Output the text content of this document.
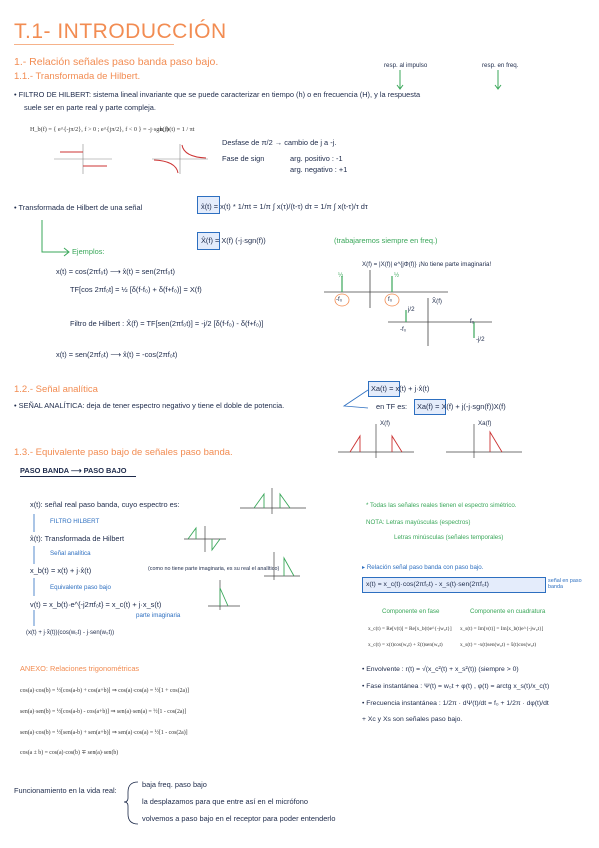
T.1- INTRODUCCIÓN
1.- Relación señales paso banda paso bajo.
1.1.- Transformada de Hilbert.
resp. al impulso	resp. en freq.
• FILTRO DE HILBERT: sistema lineal invariante que se puede caracterizar en tiempo (h) o en frecuencia (H), y la respuesta
suele ser en parte real y parte compleja.
H_b(f) = { e^{-jπ/2}, f > 0 ; e^{jπ/2}, f < 0 } = -j·sgn(f)
h_b(t) = 1 / πt
Desfase de π/2 → cambio de j a -j.
Fase de sign	arg. positivo : -1
arg. negativo : +1
• Transformada de Hilbert de una señal	x̂(t) = x(t) * 1/πt = 1/π ∫ x(τ)/(t-τ) dτ = 1/π ∫ x(t-τ)/τ dτ
X̂(f) = X(f) (-j·sgn(f))	(trabajaremos siempre en freq.)
Ejemplos:
x(t) = cos(2πf₀t) ⟶ x̂(t) = sen(2πf₀t)
TF[cos 2πf₀t] = ½ [δ(f-f₀) + δ(f+f₀)] = X(f)
Filtro de Hilbert : X̂(f) = TF[sen(2πf₀t)] = -j/2 [δ(f-f₀) - δ(f+f₀)]
x(t) = sen(2πf₀t) ⟶ x̂(t) = -cos(2πf₀t)
X(f) = |X(f)| e^{jΦ(f)} ¡No tiene parte imaginaria!
½	½
-f₀	f₀	X̂(f)
j/2
-j/2
-f₀
f₀
1.2.- Señal analítica
• SEÑAL ANALÍTICA: deja de tener espectro negativo y tiene el doble de potencia.
Xa(t) = x(t) + j·x̂(t)
en TF es: Xa(f) = X(f) + j(-j·sgn(f))X(f)
X(f)	Xa(f)
1.3.- Equivalente paso bajo de señales paso banda.
PASO BANDA ⟶ PASO BAJO
x(t): señal real paso banda, cuyo espectro es:
FILTRO HILBERT
x̂(t): Transformada de Hilbert
Señal analítica
x_b(t) = x(t) + j·x̂(t)	(como no tiene parte imaginaria, es su real el analítico)
Equivalente paso bajo
v(t) = x_b(t)·e^{-j2πf₀t} = x_c(t) + j·x_s(t)
parte imaginaria
(x(t) + j·x̂(t))(cos(w₀t) - j·sen(w₀t))
* Todas las señales reales tienen el espectro simétrico.
NOTA: Letras mayúsculas (espectros)
Letras minúsculas (señales temporales)
▸ Relación señal paso banda con paso bajo.
x(t) = x_c(t)·cos(2πf₀t) - x_s(t)·sen(2πf₀t)	señal en paso banda
Componente en fase	Componente en cuadratura
x_c(t) = Re[v(t)] = Re[x_b(t)e^{-jw₀t}] x_s(t) = Im[v(t)] = Im[x_b(t)e^{-jw₀t}]
x_c(t) = x(t)cos(w₀t) + x̂(t)sen(w₀t)	x_s(t) = -x(t)sen(w₀t) + x̂(t)cos(w₀t)
• Envolvente : r(t) = √(x_c²(t) + x_s²(t)) (siempre > 0)
• Fase instantánea : Ψ(t) = w₀t + φ(t) , φ(t) = arctg x_s(t)/x_c(t)
• Frecuencia instantánea : 1/2π · dΨ(t)/dt = f₀ + 1/2π · dφ(t)/dt
+ Xc y Xs son señales paso bajo.
ANEXO: Relaciones trigonométricas
cos(a)·cos(b) = ½[cos(a-b) + cos(a+b)] ⇒ cos(a)·cos(a) = ½[1 + cos(2a)]
sen(a)·sen(b) = ½[cos(a-b) - cos(a+b)] ⇒ sen(a)·sen(a) = ½[1 - cos(2a)]
sen(a)·cos(b) = ½[sen(a-b) + sen(a+b)] ⇒ sen(a)·cos(a) = ½[1 - cos(2a)]
cos(a ± b) = cos(a)·cos(b) ∓ sen(a)·sen(b)
Funcionamiento en la vida real:
baja freq. paso bajo
la desplazamos para que entre así en el micrófono
volvemos a paso bajo en el receptor para poder entenderlo
